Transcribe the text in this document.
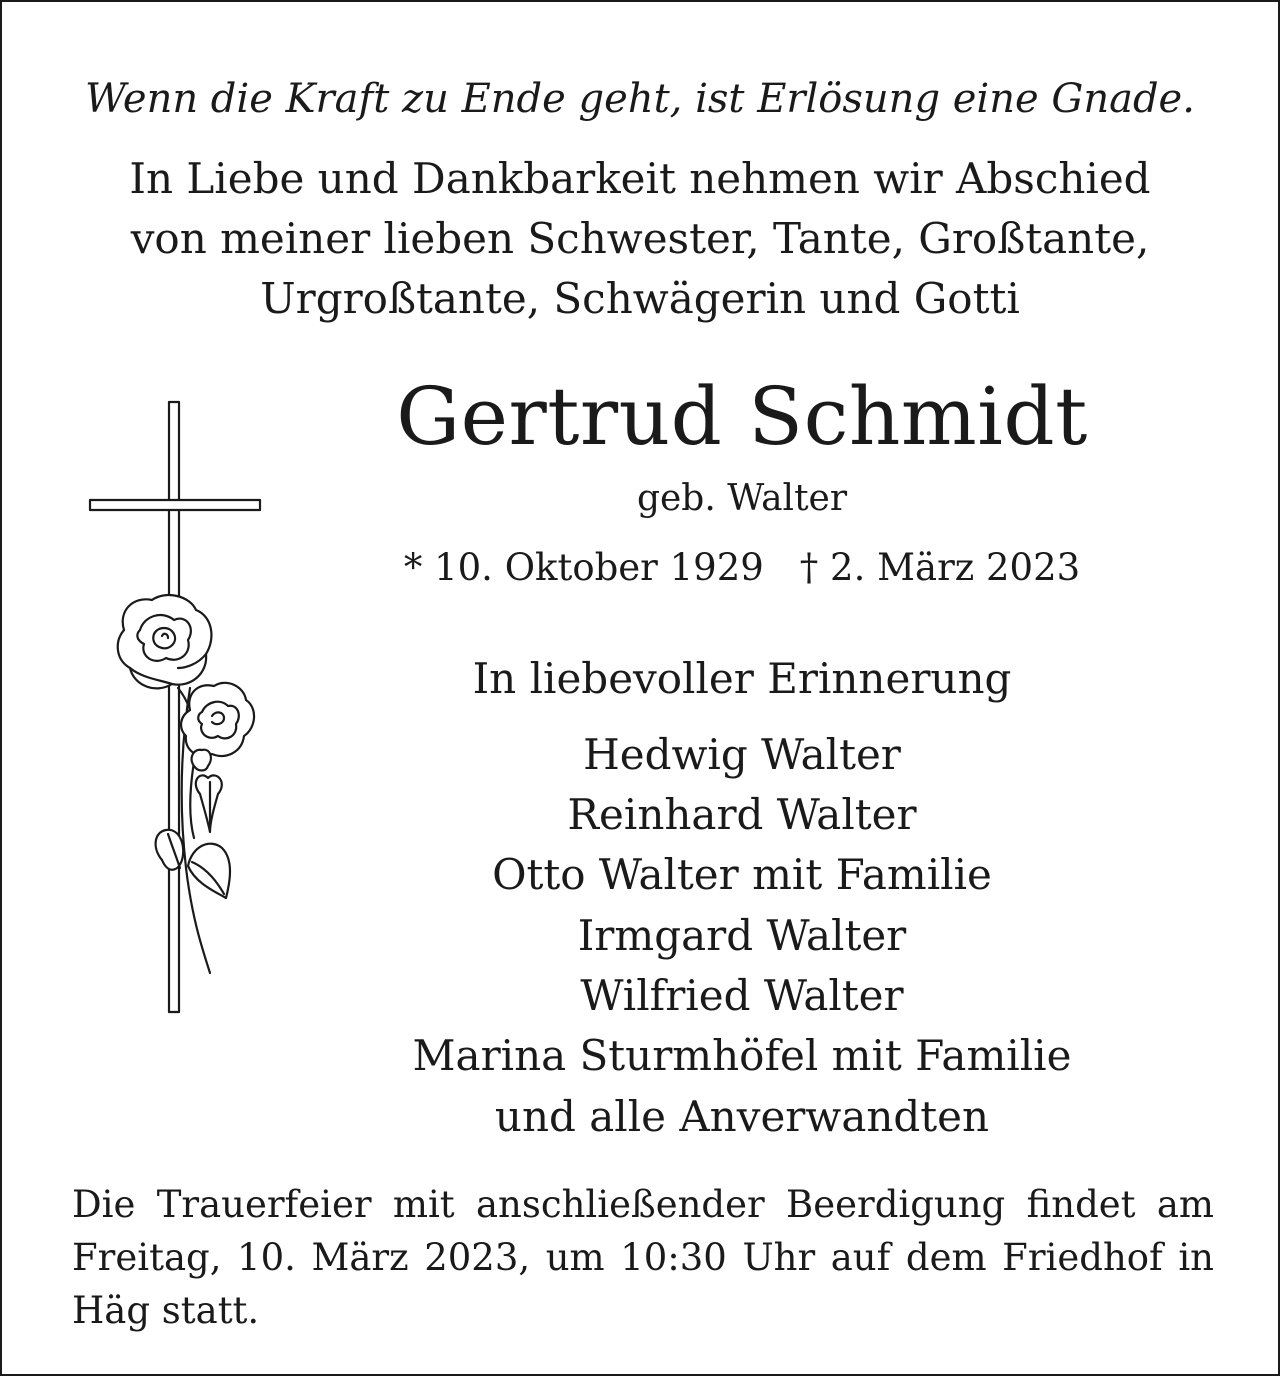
Wenn die Kraft zu Ende geht, ist Erlösung eine Gnade.

In Liebe und Dankbarkeit nehmen wir Abschied

von meiner lieben Schwester, Tante, Großtante,

Urgroßtante, Schwägerin und Gotti

Gertrud Schmidt

geb. Walter

* 10. Oktober 1929 † 2. März 2023

In liebevoller Erinnerung

Hedwig Walter

Reinhard Walter

Otto Walter mit Familie

Irmgard Walter

Wilfried Walter

Marina Sturmhöfel mit Familie

und alle Anverwandten

Die Trauerfeier mit anschließender Beerdigung findet am Freitag, 10. März 2023, um 10:30 Uhr auf dem Friedhof in Häg statt.
